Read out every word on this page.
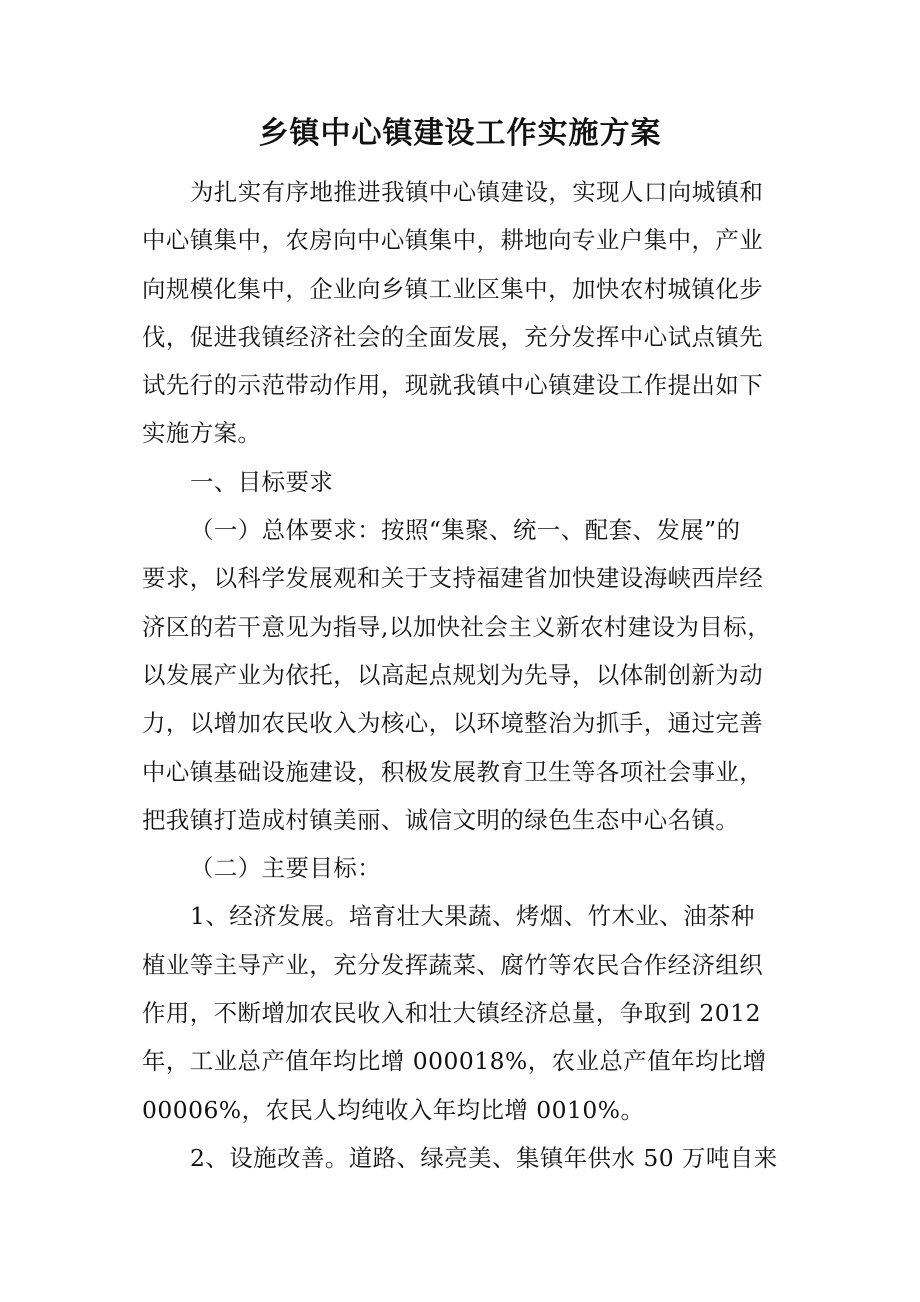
乡镇中心镇建设工作实施方案
为扎实有序地推进我镇中心镇建设，实现人口向城镇和
中心镇集中，农房向中心镇集中，耕地向专业户集中，产业
向规模化集中，企业向乡镇工业区集中，加快农村城镇化步
伐，促进我镇经济社会的全面发展，充分发挥中心试点镇先
试先行的示范带动作用，现就我镇中心镇建设工作提出如下
实施方案。
一、目标要求
（一）总体要求：按照“集聚、统一、配套、发展”的
要求，以科学发展观和关于支持福建省加快建设海峡西岸经
济区的若干意见为指导,以加快社会主义新农村建设为目标，
以发展产业为依托，以高起点规划为先导，以体制创新为动
力，以增加农民收入为核心，以环境整治为抓手，通过完善
中心镇基础设施建设，积极发展教育卫生等各项社会事业，
把我镇打造成村镇美丽、诚信文明的绿色生态中心名镇。
（二）主要目标：
1、经济发展。培育壮大果蔬、烤烟、竹木业、油茶种
植业等主导产业，充分发挥蔬菜、腐竹等农民合作经济组织
作用，不断增加农民收入和壮大镇经济总量，争取到 2012
年，工业总产值年均比增 000018%，农业总产值年均比增
00006%，农民人均纯收入年均比增 0010%。
2、设施改善。道路、绿亮美、集镇年供水 50 万吨自来
